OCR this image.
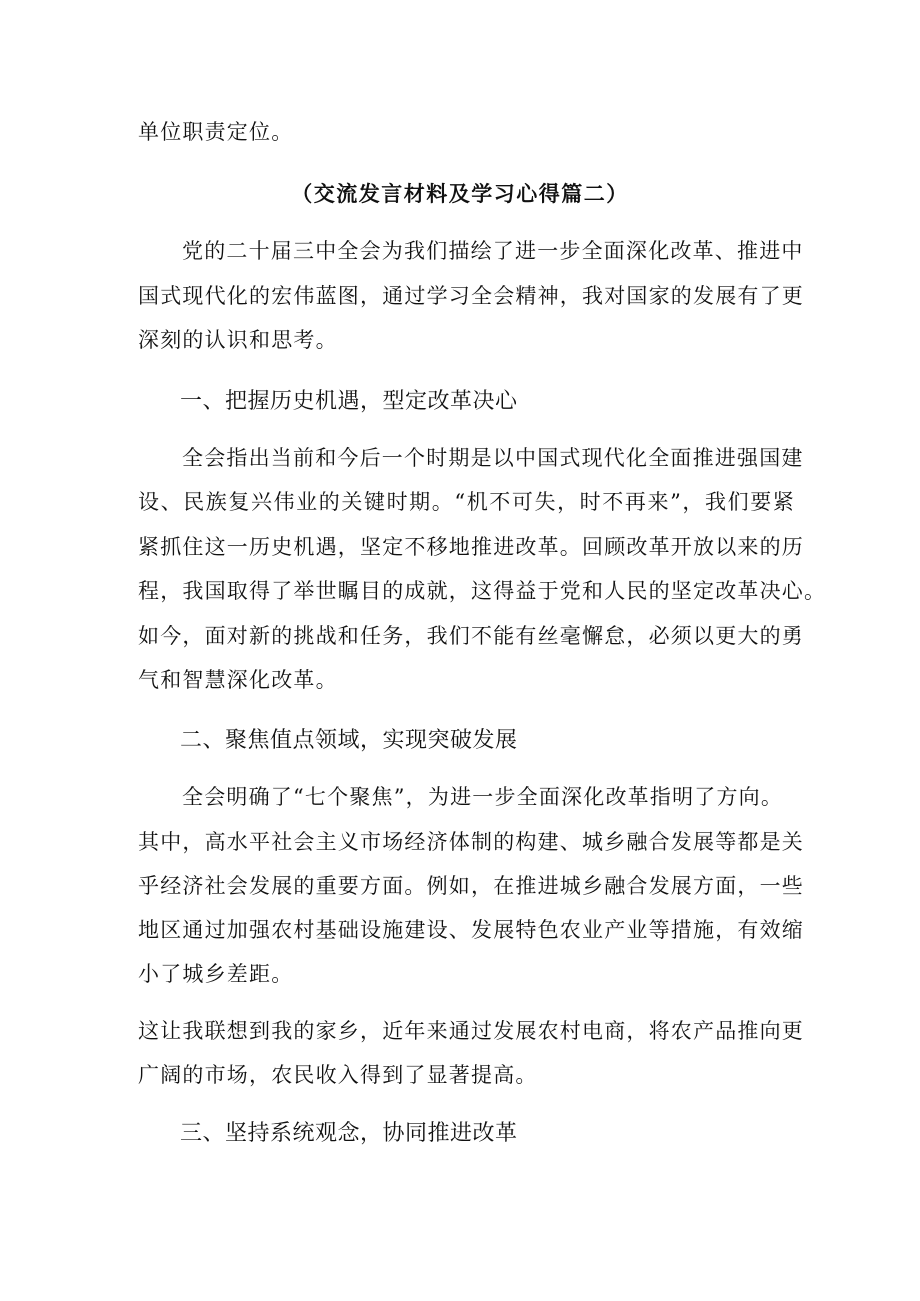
单位职责定位。
（交流发言材料及学习心得篇二）
党的二十届三中全会为我们描绘了进一步全面深化改革、推进中
国式现代化的宏伟蓝图，通过学习全会精神，我对国家的发展有了更
深刻的认识和思考。
一、把握历史机遇，型定改革决心
全会指出当前和今后一个时期是以中国式现代化全面推进强国建
设、民族复兴伟业的关键时期。“机不可失，时不再来”，我们要紧
紧抓住这一历史机遇，坚定不移地推进改革。回顾改革开放以来的历
程，我国取得了举世瞩目的成就，这得益于党和人民的坚定改革决心。
如今，面对新的挑战和任务，我们不能有丝毫懈怠，必须以更大的勇
气和智慧深化改革。
二、聚焦值点领域，实现突破发展
全会明确了“七个聚焦”，为进一步全面深化改革指明了方向。
其中，高水平社会主义市场经济体制的构建、城乡融合发展等都是关
乎经济社会发展的重要方面。例如，在推进城乡融合发展方面，一些
地区通过加强农村基础设施建设、发展特色农业产业等措施，有效缩
小了城乡差距。
这让我联想到我的家乡，近年来通过发展农村电商，将农产品推向更
广阔的市场，农民收入得到了显著提高。
三、坚持系统观念，协同推进改革
